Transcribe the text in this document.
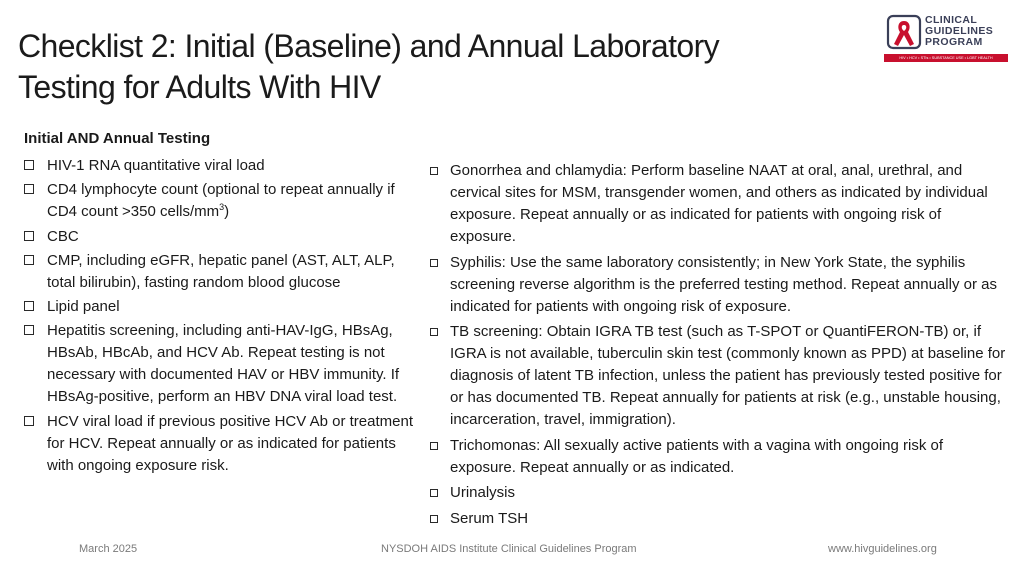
Checklist 2: Initial (Baseline) and Annual Laboratory
Testing for Adults With HIV
CLINICAL
GUIDELINES
PROGRAM
HIV • HCV • STIs • SUBSTANCE USE • LGBT HEALTH
Initial AND Annual Testing
HIV-1 RNA quantitative viral load
CD4 lymphocyte count (optional to repeat annually if CD4 count >350 cells/$mm^3$)
CBC
CMP, including eGFR, hepatic panel (AST, ALT, ALP, total bilirubin), fasting random blood glucose
Lipid panel
Hepatitis screening, including anti-HAV-IgG, HBsAg, HBsAb, HBcAb, and HCV Ab. Repeat testing is not necessary with documented HAV or HBV immunity. If HBsAg-positive, perform an HBV DNA viral load test.
HCV viral load if previous positive HCV Ab or treatment for HCV. Repeat annually or as indicated for patients with ongoing exposure risk.
Gonorrhea and chlamydia: Perform baseline NAAT at oral, anal, urethral, and cervical sites for MSM, transgender women, and others as indicated by individual exposure. Repeat annually or as indicated for patients with ongoing risk of exposure.
Syphilis: Use the same laboratory consistently; in New York State, the syphilis screening reverse algorithm is the preferred testing method. Repeat annually or as indicated for patients with ongoing risk of exposure.
TB screening: Obtain IGRA TB test (such as T-SPOT or QuantiFERON-TB) or, if IGRA is not available, tuberculin skin test (commonly known as PPD) at baseline for diagnosis of latent TB infection, unless the patient has previously tested positive for or has documented TB. Repeat annually for patients at risk (e.g., unstable housing, incarceration, travel, immigration).
Trichomonas: All sexually active patients with a vagina with ongoing risk of exposure. Repeat annually or as indicated.
Urinalysis
Serum TSH
March 2025	NYSDOH AIDS Institute Clinical Guidelines Program	www.hivguidelines.org
